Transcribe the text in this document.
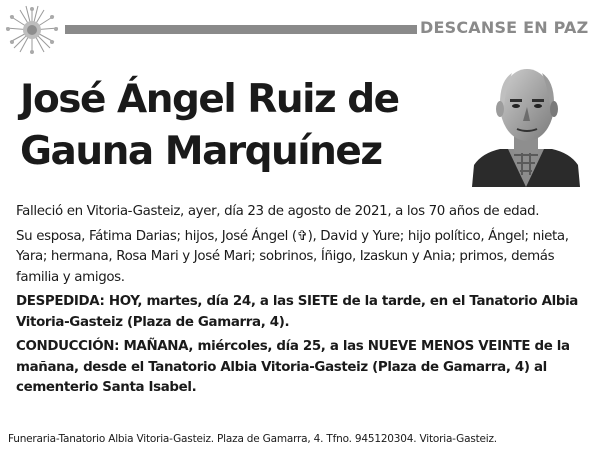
DESCANSE EN PAZ
José Ángel Ruiz de
Gauna Marquínez

Falleció en Vitoria-Gasteiz, ayer, día 23 de agosto de 2021, a los 70 años de edad.

Su esposa, Fátima Darias; hijos, José Ángel (✞), David y Yure; hijo político, Ángel; nieta, Yara; hermana, Rosa Mari y José Mari; sobrinos, Íñigo, Izaskun y Ania; primos, demás familia y amigos.

DESPEDIDA: HOY, martes, día 24, a las SIETE de la tarde, en el Tanatorio Albia Vitoria-Gasteiz (Plaza de Gamarra, 4).

CONDUCCIÓN: MAÑANA, miércoles, día 25, a las NUEVE MENOS VEINTE de la mañana, desde el Tanatorio Albia Vitoria-Gasteiz (Plaza de Gamarra, 4) al cementerio Santa Isabel.

Funeraria-Tanatorio Albia Vitoria-Gasteiz. Plaza de Gamarra, 4. Tfno. 945120304. Vitoria-Gasteiz.
